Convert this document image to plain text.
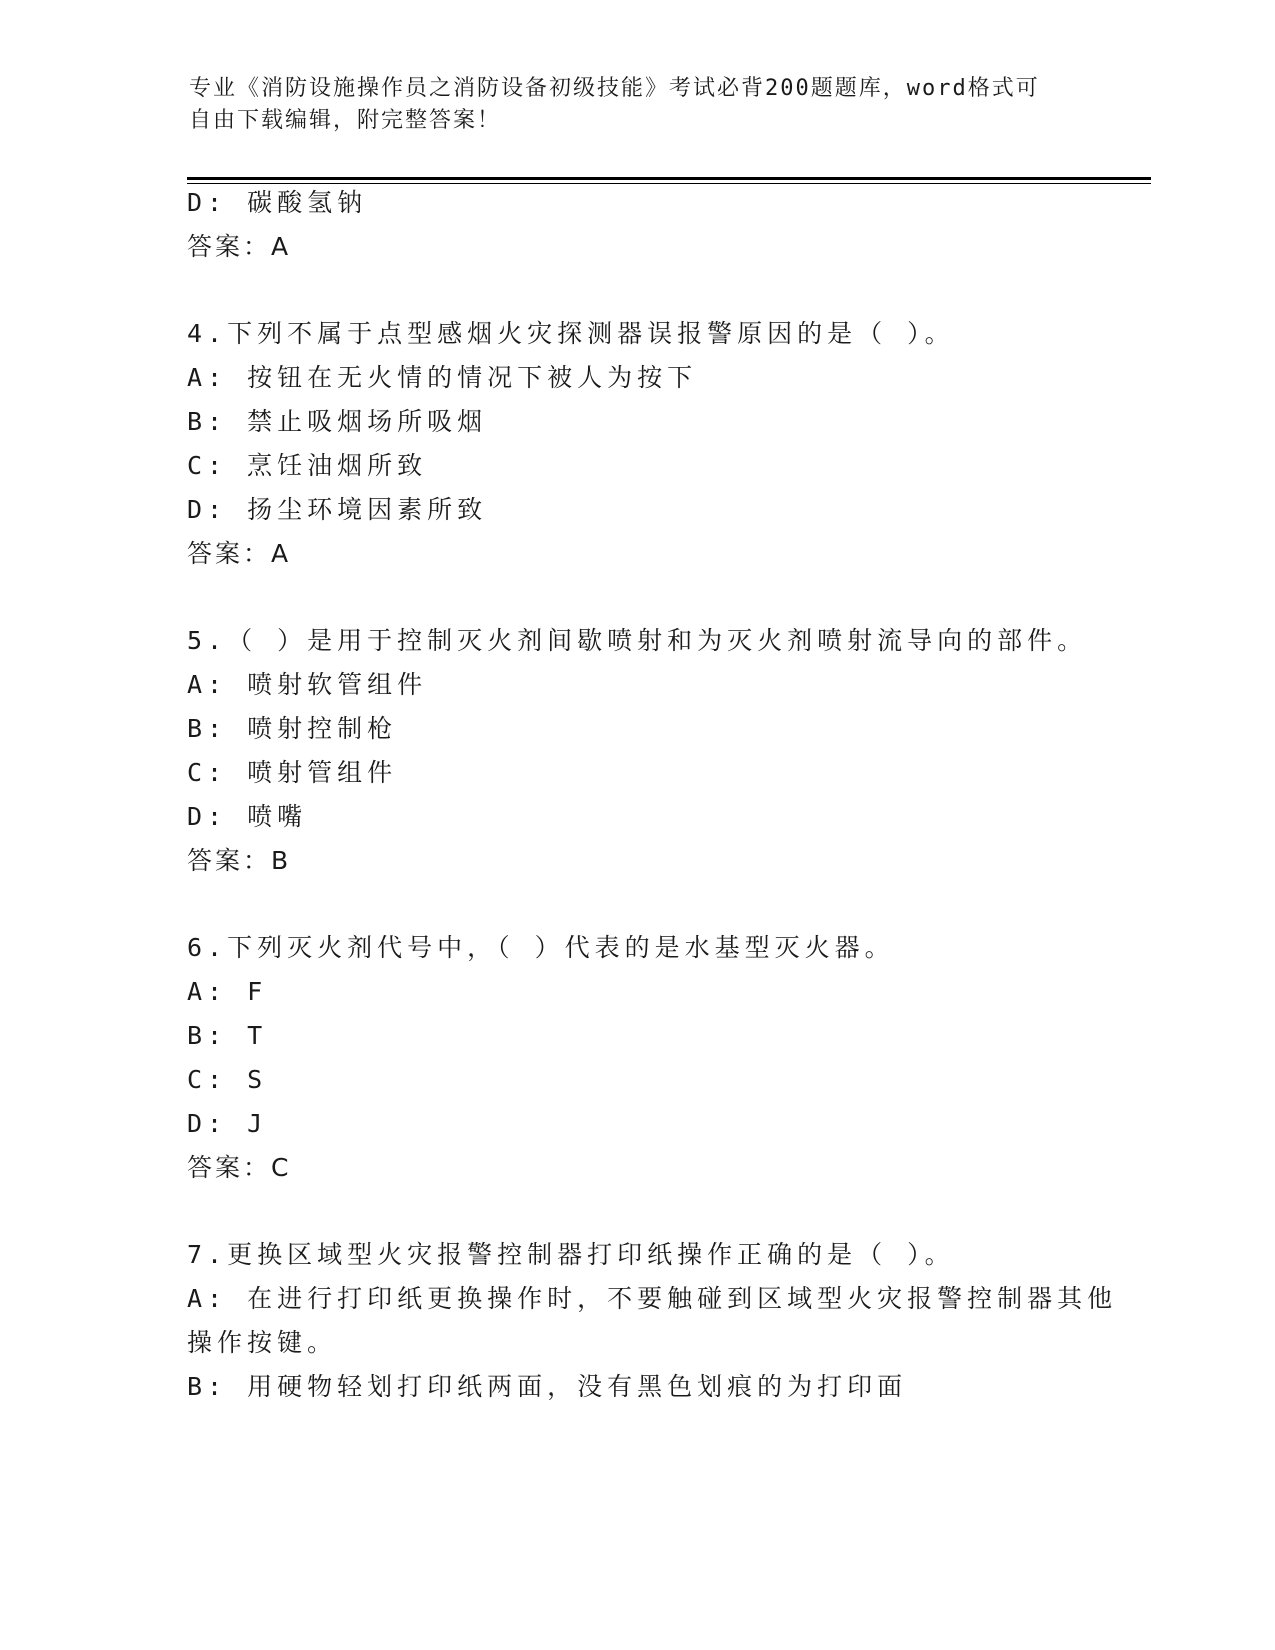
专业《消防设施操作员之消防设备初级技能》考试必背200题题库，word格式可
自由下载编辑，附完整答案！
D: 碳酸氢钠
答案：A
4.下列不属于点型感烟火灾探测器误报警原因的是（ ）。
A: 按钮在无火情的情况下被人为按下
B: 禁止吸烟场所吸烟
C: 烹饪油烟所致
D: 扬尘环境因素所致
答案：A
5.（ ）是用于控制灭火剂间歇喷射和为灭火剂喷射流导向的部件。
A: 喷射软管组件
B: 喷射控制枪
C: 喷射管组件
D: 喷嘴
答案：B
6.下列灭火剂代号中，（ ）代表的是水基型灭火器。
A: F
B: T
C: S
D: J
答案：C
7.更换区域型火灾报警控制器打印纸操作正确的是（ ）。
A: 在进行打印纸更换操作时，不要触碰到区域型火灾报警控制器其他
操作按键。
B: 用硬物轻划打印纸两面，没有黑色划痕的为打印面
